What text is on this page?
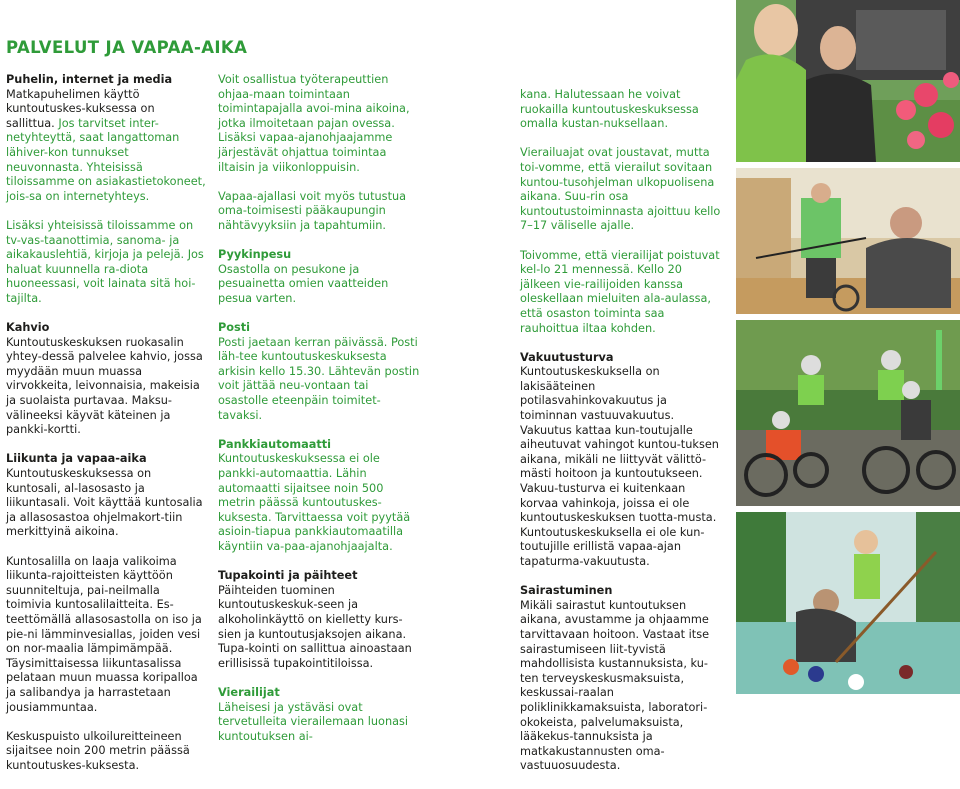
PALVELUT JA VAPAA-AIKA
Puhelin, internet ja media

Matkapuhelimen käyttö kuntoutuskes-kuksessa on sallittua. Jos tarvitset inter-netyhteyttä, saat langattoman lähiver-kon tunnukset neuvonnasta. Yhteisissä tiloissamme on asiakastietokoneet, jois-sa on internetyhteys.

Lisäksi yhteisissä tiloissamme on tv-vas-taanottimia, sanoma- ja aikakauslehtiä, kirjoja ja pelejä. Jos haluat kuunnella ra-diota huoneessasi, voit lainata sitä hoi-tajilta.

Kahvio

Kuntoutuskeskuksen ruokasalin yhtey-dessä palvelee kahvio, jossa myydään muun muassa virvokkeita, leivonnaisia, makeisia ja suolaista purtavaa. Maksu-välineeksi käyvät käteinen ja pankki-kortti.

Liikunta ja vapaa-aika

Kuntoutuskeskuksessa on kuntosali, al-lasosasto ja liikuntasali. Voit käyttää kuntosalia ja allasosastoa ohjelmakort-tiin merkittyinä aikoina.

Kuntosalilla on laaja valikoima liikunta-rajoitteisten käyttöön suunniteltuja, pai-neilmalla toimivia kuntosalilaitteita. Es-teettömällä allasosastolla on iso ja pie-ni lämminvesiallas, joiden vesi on nor-maalia lämpimämpää. Täysimittaisessa liikuntasalissa pelataan muun muassa koripalloa ja salibandya ja harrastetaan jousiammuntaa.

Keskuspuisto ulkoilureitteineen sijaitsee noin 200 metrin päässä kuntoutuskes-kuksesta.

Voit osallistua työterapeuttien ohjaa-maan toimintaan toimintapajalla avoi-mina aikoina, jotka ilmoitetaan pajan ovessa. Lisäksi vapaa-ajanohjaajamme järjestävät ohjattua toimintaa iltaisin ja viikonloppuisin.

Vapaa-ajallasi voit myös tutustua oma-toimisesti pääkaupungin nähtävyyksiin ja tapahtumiin.

Pyykinpesu

Osastolla on pesukone ja pesuainetta omien vaatteiden pesua varten.

Posti

Posti jaetaan kerran päivässä. Posti läh-tee kuntoutuskeskuksesta arkisin kello 15.30. Lähtevän postin voit jättää neu-vontaan tai osastolle eteenpäin toimitet-tavaksi.

Pankkiautomaatti

Kuntoutuskeskuksessa ei ole pankki-automaattia. Lähin automaatti sijaitsee noin 500 metrin päässä kuntoutuskes-kuksesta. Tarvittaessa voit pyytää asioin-tiapua pankkiautomaatilla käyntiin va-paa-ajanohjaajalta.

Tupakointi ja päihteet

Päihteiden tuominen kuntoutuskeskuk-seen ja alkoholinkäyttö on kielletty kurs-sien ja kuntoutusjaksojen aikana. Tupa-kointi on sallittua ainoastaan erillisissä tupakointitiloissa.

Vierailijat

Läheisesi ja ystäväsi ovat tervetulleita vierailemaan luonasi kuntoutuksen ai-

kana. Halutessaan he voivat ruokailla kuntoutuskeskuksessa omalla kustan-nuksellaan.

Vierailuajat ovat joustavat, mutta toi-vomme, että vierailut sovitaan kuntou-tusohjelman ulkopuolisena aikana. Suu-rin osa kuntoutustoiminnasta ajoittuu kello 7–17 väliselle ajalle.

Toivomme, että vierailijat poistuvat kel-lo 21 mennessä. Kello 20 jälkeen vie-railijoiden kanssa oleskellaan mieluiten ala-aulassa, että osaston toiminta saa rauhoittua iltaa kohden.

Vakuutusturva

Kuntoutuskeskuksella on lakisääteinen potilasvahinkovakuutus ja toiminnan vastuuvakuutus. Vakuutus kattaa kun-toutujalle aiheutuvat vahingot kuntou-tuksen aikana, mikäli ne liittyvät välittö-mästi hoitoon ja kuntoutukseen. Vakuu-tusturva ei kuitenkaan korvaa vahinkoja, joissa ei ole kuntoutuskeskuksen tuotta-musta. Kuntoutuskeskuksella ei ole kun-toutujille erillistä vapaa-ajan tapaturma-vakuutusta.

Sairastuminen

Mikäli sairastut kuntoutuksen aikana, avustamme ja ohjaamme tarvittavaan hoitoon. Vastaat itse sairastumiseen liit-tyvistä mahdollisista kustannuksista, ku-ten terveyskeskusmaksuista, keskussai-raalan poliklinikkamaksuista, laboratori-okokeista, palvelumaksuista, lääkekus-tannuksista ja matkakustannusten oma-vastuuosuudesta.
